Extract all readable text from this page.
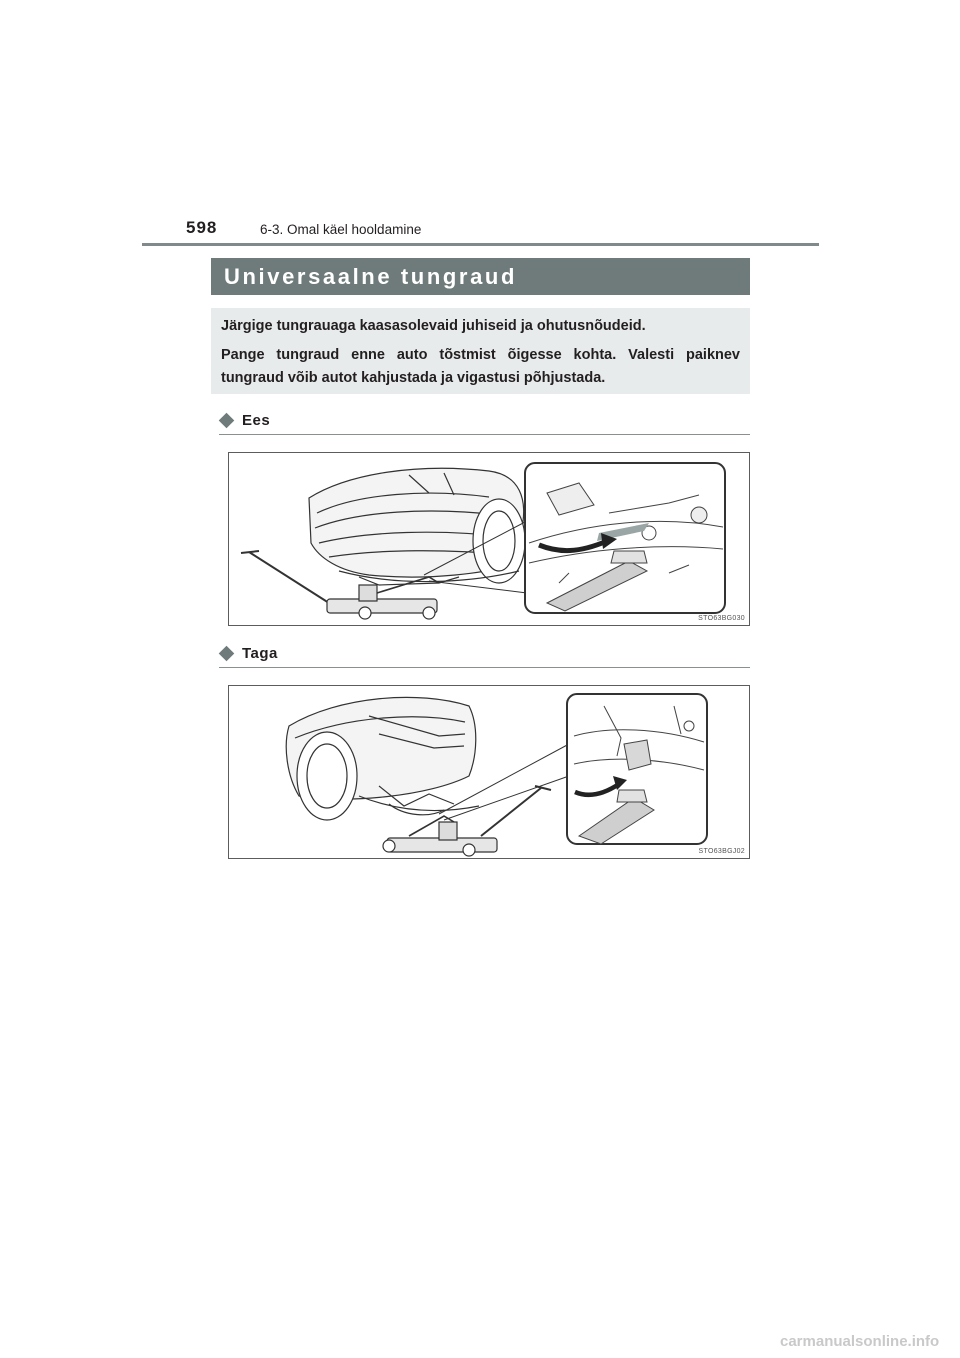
598	6-3. Omal käel hooldamine
Universaalne tungraud

Järgige tungrauaga kaasasolevaid juhiseid ja ohutusnõudeid.

Pange tungraud enne auto tõstmist õigesse kohta. Valesti paiknev tungraud võib autot kahjustada ja vigastusi põhjustada.

Ees
STO63BG030
Taga
STO63BGJ02
carmanualsonline.info
